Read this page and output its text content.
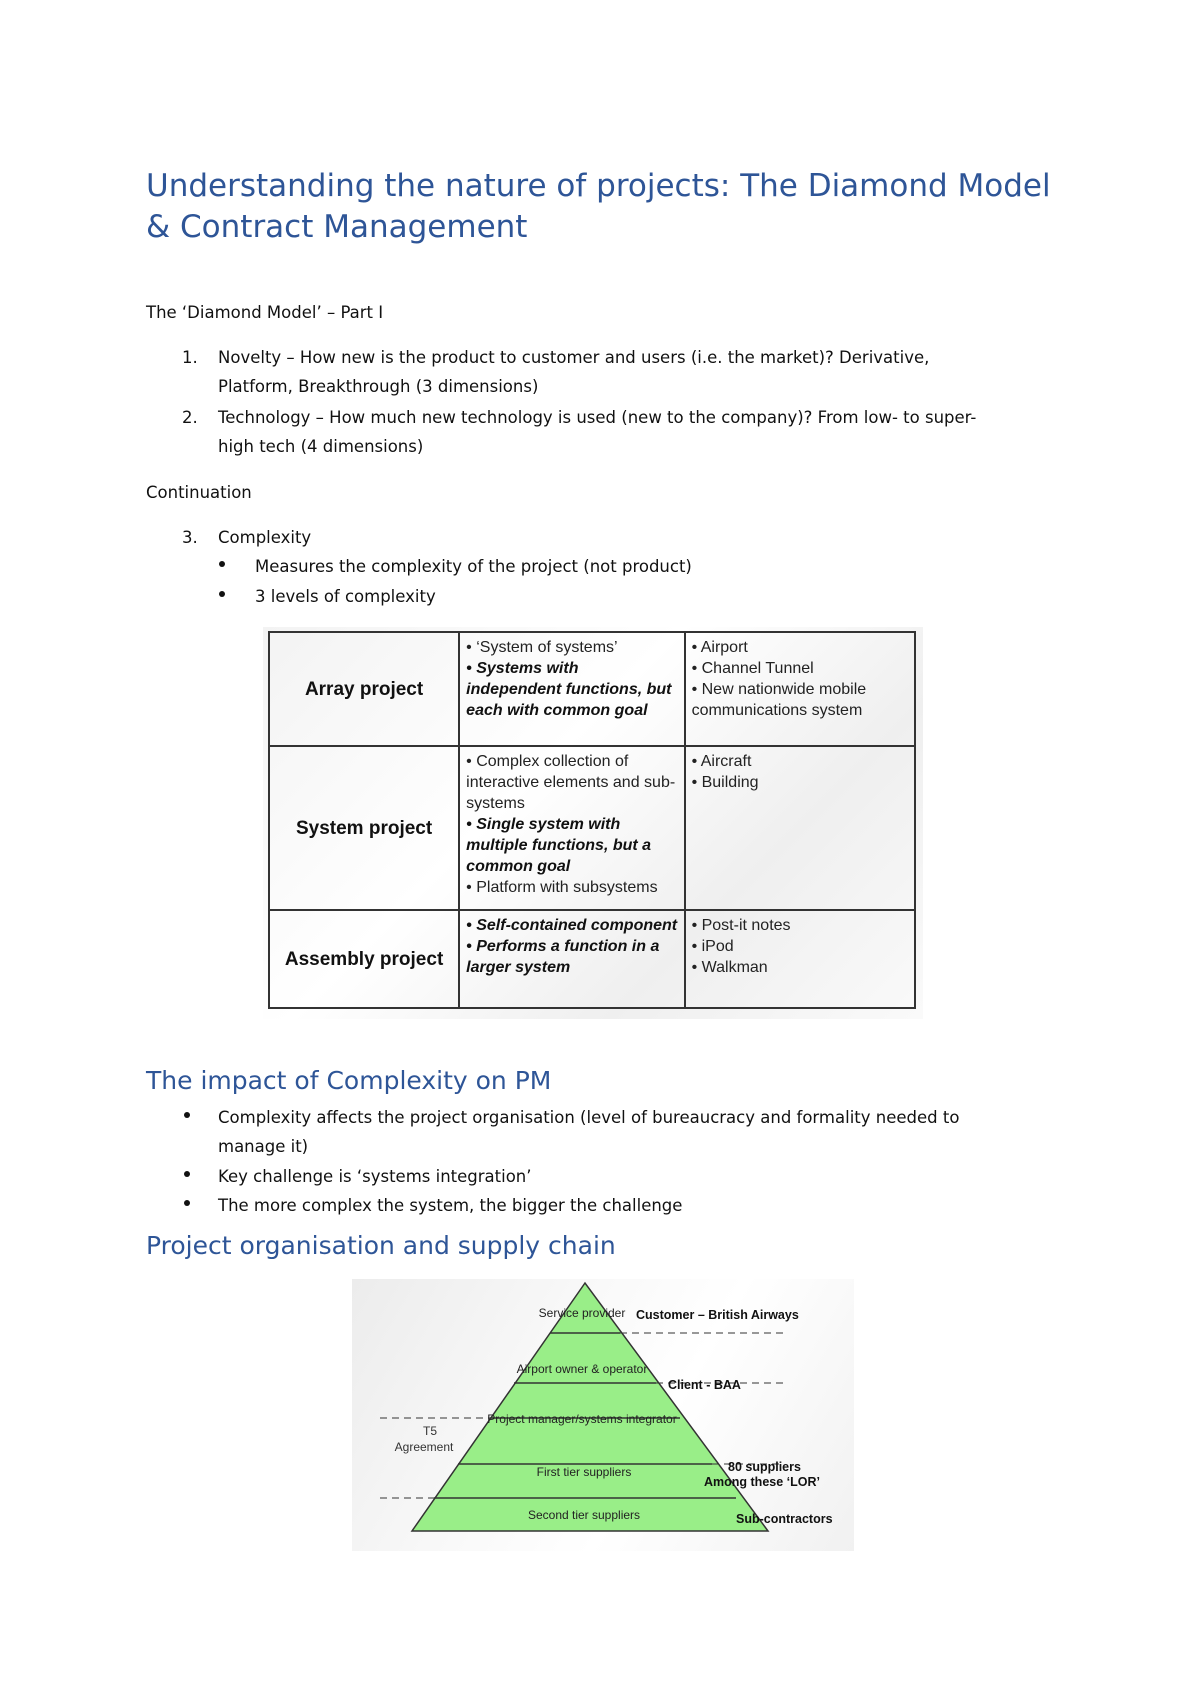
Understanding the nature of projects: The Diamond Model & Contract Management

The ‘Diamond Model’ – Part I

1. Novelty – How new is the product to customer and users (i.e. the market)? Derivative,
Platform, Breakthrough (3 dimensions)
2. Technology – How much new technology is used (new to the company)? From low- to super-
high tech (4 dimensions)

Continuation

3. Complexity
Measures the complexity of the project (not product)
3 levels of complexity
Array project	• ‘System of systems’
• Systems with independent functions, but each with common goal	• Airport
• Channel Tunnel
• New nationwide mobile communications system

System project	• Complex collection of interactive elements and sub-systems
• Single system with multiple functions, but a common goal
• Platform with subsystems	• Aircraft
• Building

Assembly project	• Self-contained component
• Performs a function in a larger system	• Post-it notes
• iPod
• Walkman
The impact of Complexity on PM
Complexity affects the project organisation (level of bureaucracy and formality needed to
manage it)
Key challenge is ‘systems integration’
The more complex the system, the bigger the challenge
Project organisation and supply chain
Service provider
Airport owner & operator
Project manager/systems integrator
First tier suppliers
Second tier suppliers
Customer – British Airways
Client - BAA
80 suppliers
Among these ‘LOR’
Sub-contractors
T5
Agreement
